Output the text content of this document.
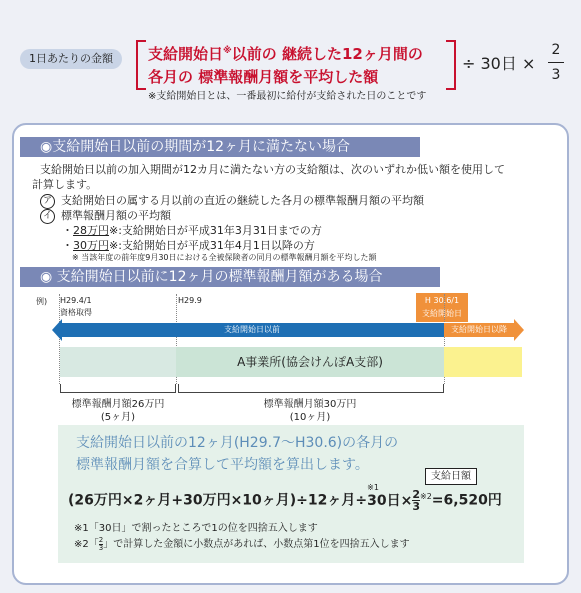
1日あたりの金額	支給開始日※以前の 継続した12ヶ月間の
各月の 標準報酬月額を平均した額
÷ 30日 ×
2
3
※支給開始日とは、一番最初に給付が支給された日のことです
◉支給開始日以前の期間が12ヶ月に満たない場合
支給開始日以前の加入期間が12カ月に満たない方の支給額は、次のいずれか低い額を使用して
計算します。
ア 支給開始日の属する月以前の直近の継続した各月の標準報酬月額の平均額
イ 標準報酬月額の平均額
・28万円※:支給開始日が平成31年3月31日までの方
・30万円※:支給開始日が平成31年4月1日以降の方
※ 当該年度の前年度9月30日における全被保険者の同月の標準報酬月額を平均した額
◉ 支給開始日以前に12ヶ月の標準報酬月額がある場合
例) H29.4/1
資格取得
H29.9	H 30.6/1
支給開始日
支給開始日以前	支給開始日以降
A事業所(協会けんぽA支部)
標準報酬月額26万円
(5ヶ月)
標準報酬月額30万円
(10ヶ月)
支給開始日以前の12ヶ月(H29.7〜H30.6)の各月の
標準報酬月額を合算して平均額を算出します。
支給日額
(26万円×2ヶ月+30万円×10ヶ月)÷12ヶ月÷
※1
30日$\times\frac{2}{3} ^{※2}=6,520$円
※1「30日」で割ったところで1の位を四捨五入します
※2「$\frac{2}{3}$ 」で計算した金額に小数点があれば、小数点第1位を四捨五入します
